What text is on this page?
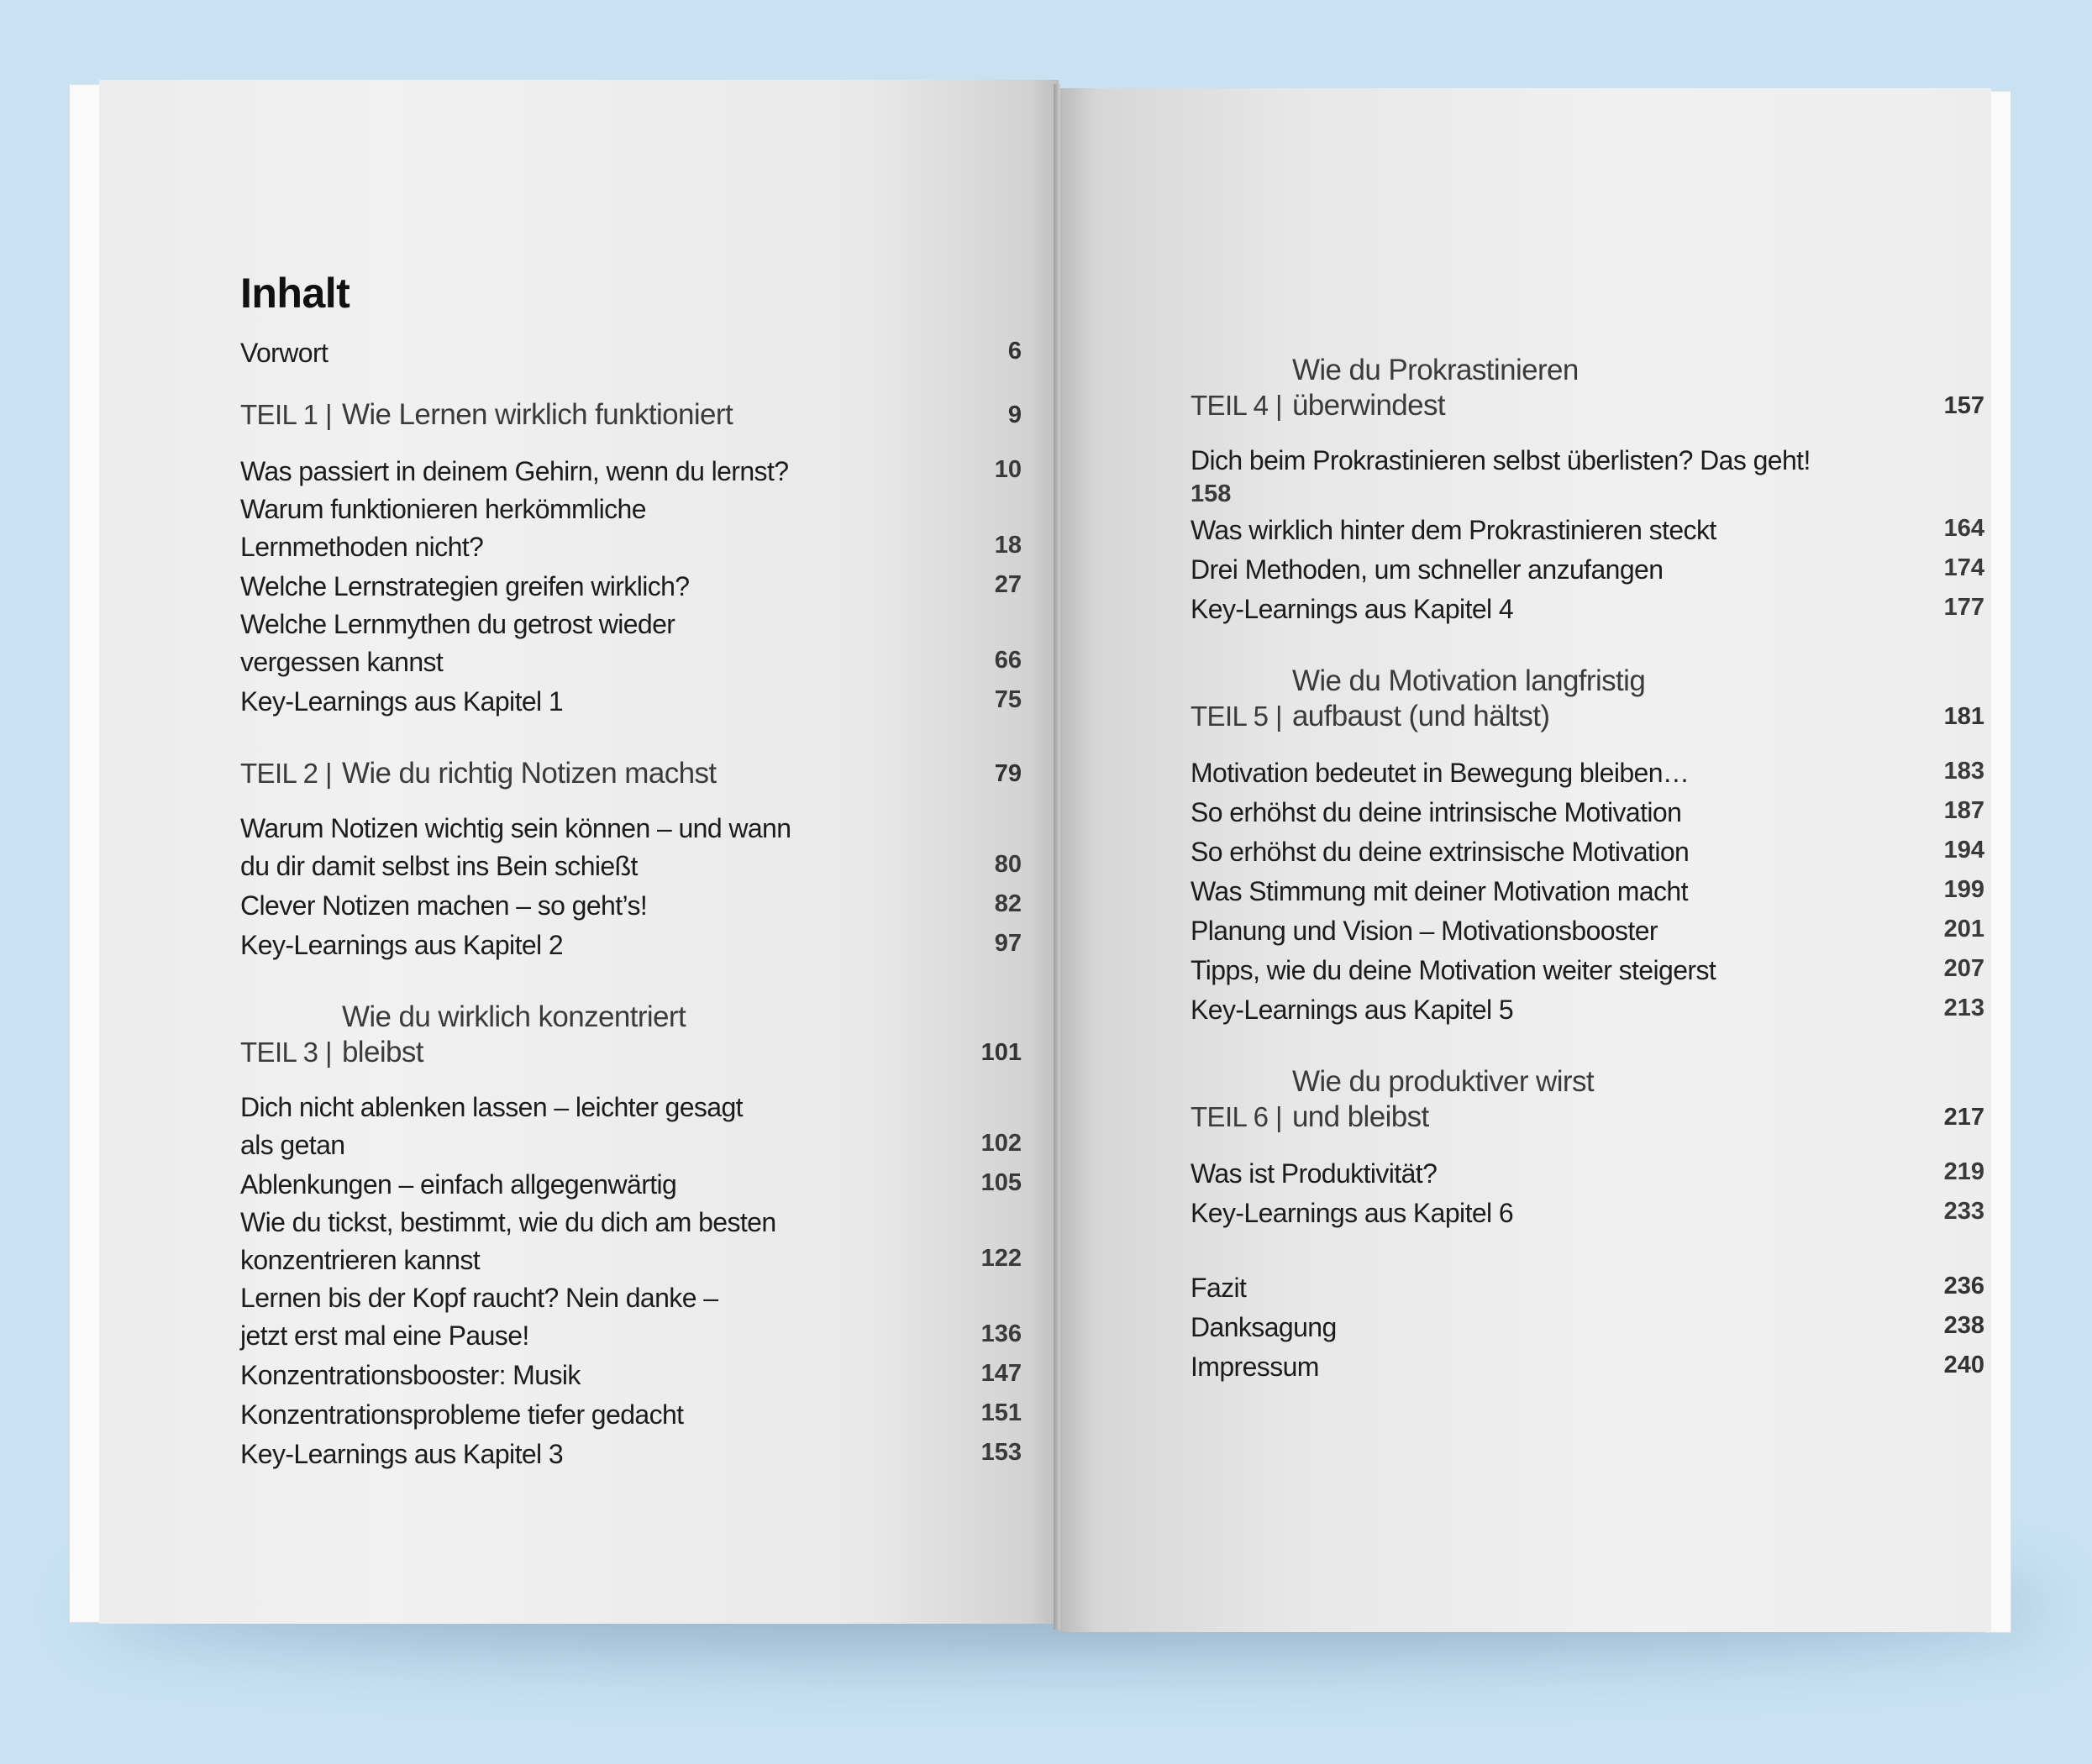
Inhalt
Vorwort	6
TEIL 1 | Wie Lernen wirklich funktioniert	9
Was passiert in deinem Gehirn, wenn du lernst?	10
Warum funktionieren herkömmliche
Lernmethoden nicht?	18
Welche Lernstrategien greifen wirklich?	27
Welche Lernmythen du getrost wieder
vergessen kannst	66
Key-Learnings aus Kapitel 1	75
TEIL 2 | Wie du richtig Notizen machst	79
Warum Notizen wichtig sein können – und wann
du dir damit selbst ins Bein schießt	80
Clever Notizen machen – so geht’s!	82
Key-Learnings aus Kapitel 2	97
TEIL 3 |
Wie du wirklich konzentriert
bleibst	101
Dich nicht ablenken lassen – leichter gesagt
als getan	102
Ablenkungen – einfach allgegenwärtig	105
Wie du tickst, bestimmt, wie du dich am besten
konzentrieren kannst	122
Lernen bis der Kopf raucht? Nein danke –
jetzt erst mal eine Pause!	136
Konzentrationsbooster: Musik	147
Konzentrationsprobleme tiefer gedacht	151
Key-Learnings aus Kapitel 3	153
TEIL 4 |
Wie du Prokrastinieren
überwindest	157
Dich beim Prokrastinieren selbst überlisten? Das geht!
158
Was wirklich hinter dem Prokrastinieren steckt	164
Drei Methoden, um schneller anzufangen	174
Key-Learnings aus Kapitel 4	177
TEIL 5 |
Wie du Motivation langfristig
aufbaust (und hältst)	181
Motivation bedeutet in Bewegung bleiben…	183
So erhöhst du deine intrinsische Motivation	187
So erhöhst du deine extrinsische Motivation	194
Was Stimmung mit deiner Motivation macht	199
Planung und Vision – Motivationsbooster	201
Tipps, wie du deine Motivation weiter steigerst	207
Key-Learnings aus Kapitel 5	213
TEIL 6 |
Wie du produktiver wirst
und bleibst	217
Was ist Produktivität?	219
Key-Learnings aus Kapitel 6	233
Fazit	236
Danksagung	238
Impressum	240
